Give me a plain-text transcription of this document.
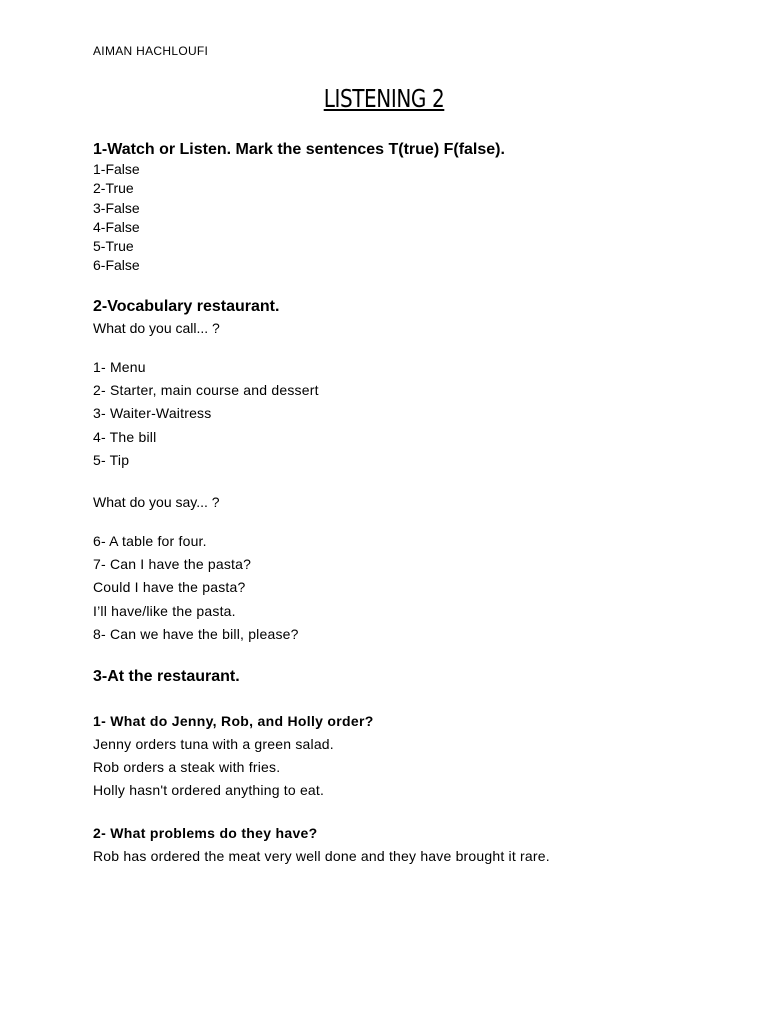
AIMAN HACHLOUFI
LISTENING 2
1-Watch or Listen. Mark the sentences T(true) F(false).
1-False
2-True
3-False
4-False
5-True
6-False
2-Vocabulary restaurant.
What do you call... ?
1- Menu
2- Starter, main course and dessert
3- Waiter-Waitress
4- The bill
5- Tip
What do you say... ?
6- A table for four.
7- Can I have the pasta?
Could I have the pasta?
I’ll have/like the pasta.
8- Can we have the bill, please?
3-At the restaurant.
1- What do Jenny, Rob, and Holly order?
Jenny orders tuna with a green salad.
Rob orders a steak with fries.
Holly hasn't ordered anything to eat.
2- What problems do they have?
Rob has ordered the meat very well done and they have brought it rare.
